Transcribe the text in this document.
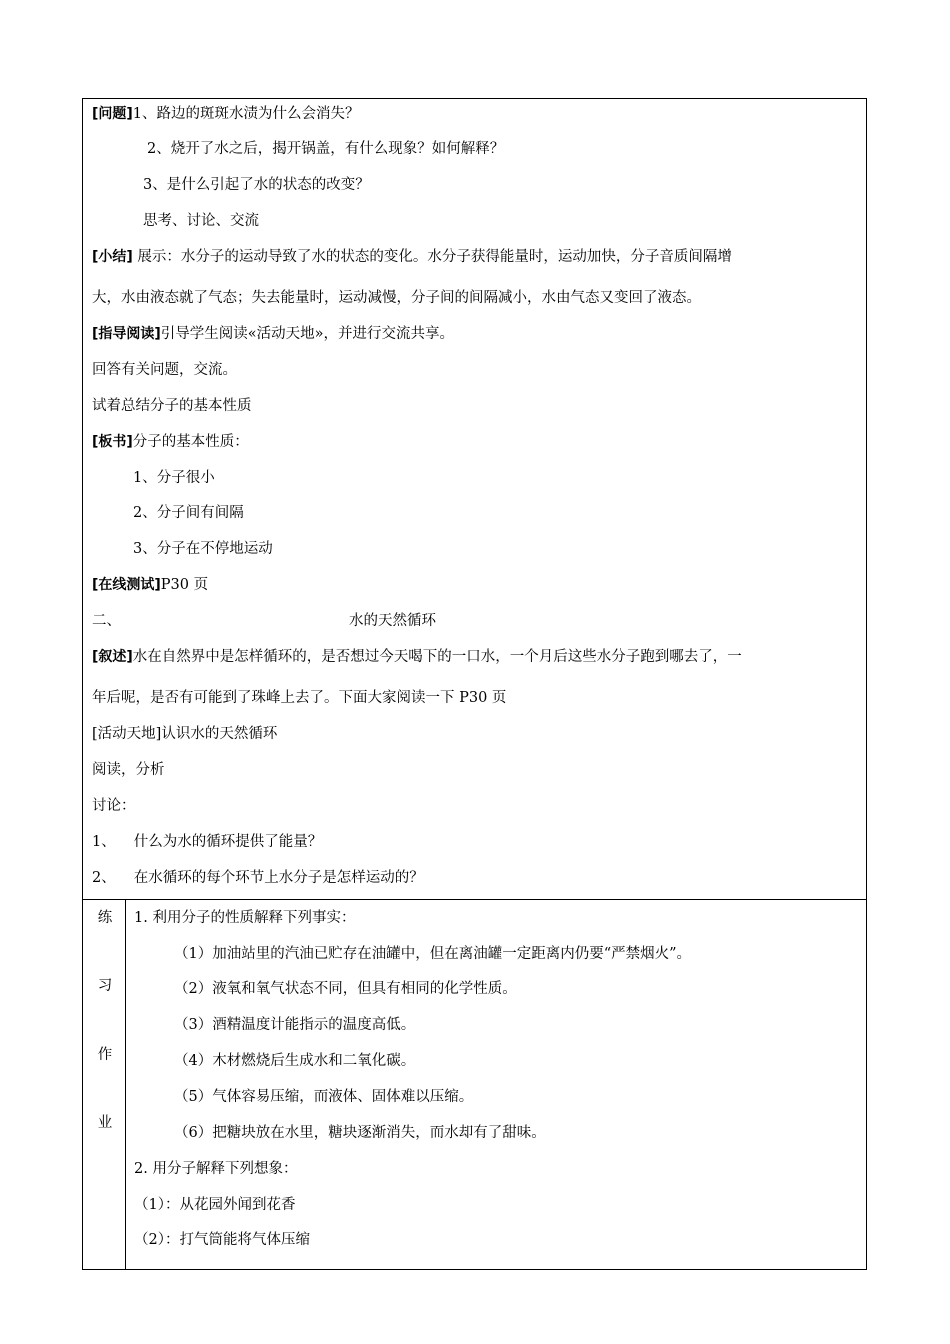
[问题]1、路边的斑斑水渍为什么会消失？
2、烧开了水之后，揭开锅盖，有什么现象？如何解释？
3、是什么引起了水的状态的改变？
思考、讨论、交流
[小结] 展示：水分子的运动导致了水的状态的变化。水分子获得能量时，运动加快，分子音质间隔增
大，水由液态就了气态；失去能量时，运动减慢，分子间的间隔减小，水由气态又变回了液态。
[指导阅读]引导学生阅读«活动天地»，并进行交流共享。
回答有关问题，交流。
试着总结分子的基本性质
[板书]分子的基本性质：
1、分子很小
2、分子间有间隔
3、分子在不停地运动
[在线测试]P30 页
二、	水的天然循环
[叙述]水在自然界中是怎样循环的，是否想过今天喝下的一口水，一个月后这些水分子跑到哪去了，一
年后呢，是否有可能到了珠峰上去了。下面大家阅读一下 P30 页
[活动天地]认识水的天然循环
阅读，分析
讨论：
1、 什么为水的循环提供了能量？
2、 在水循环的每个环节上水分子是怎样运动的？
练
习
作
业
1. 利用分子的性质解释下列事实：
（1）加油站里的汽油已贮存在油罐中，但在离油罐一定距离内仍要“严禁烟火”。
（2）液氧和氧气状态不同，但具有相同的化学性质。
（3）酒精温度计能指示的温度高低。
（4）木材燃烧后生成水和二氧化碳。
（5）气体容易压缩，而液体、固体难以压缩。
（6）把糖块放在水里，糖块逐渐消失，而水却有了甜味。
2. 用分子解释下列想象：
（1）：从花园外闻到花香
（2）：打气筒能将气体压缩
